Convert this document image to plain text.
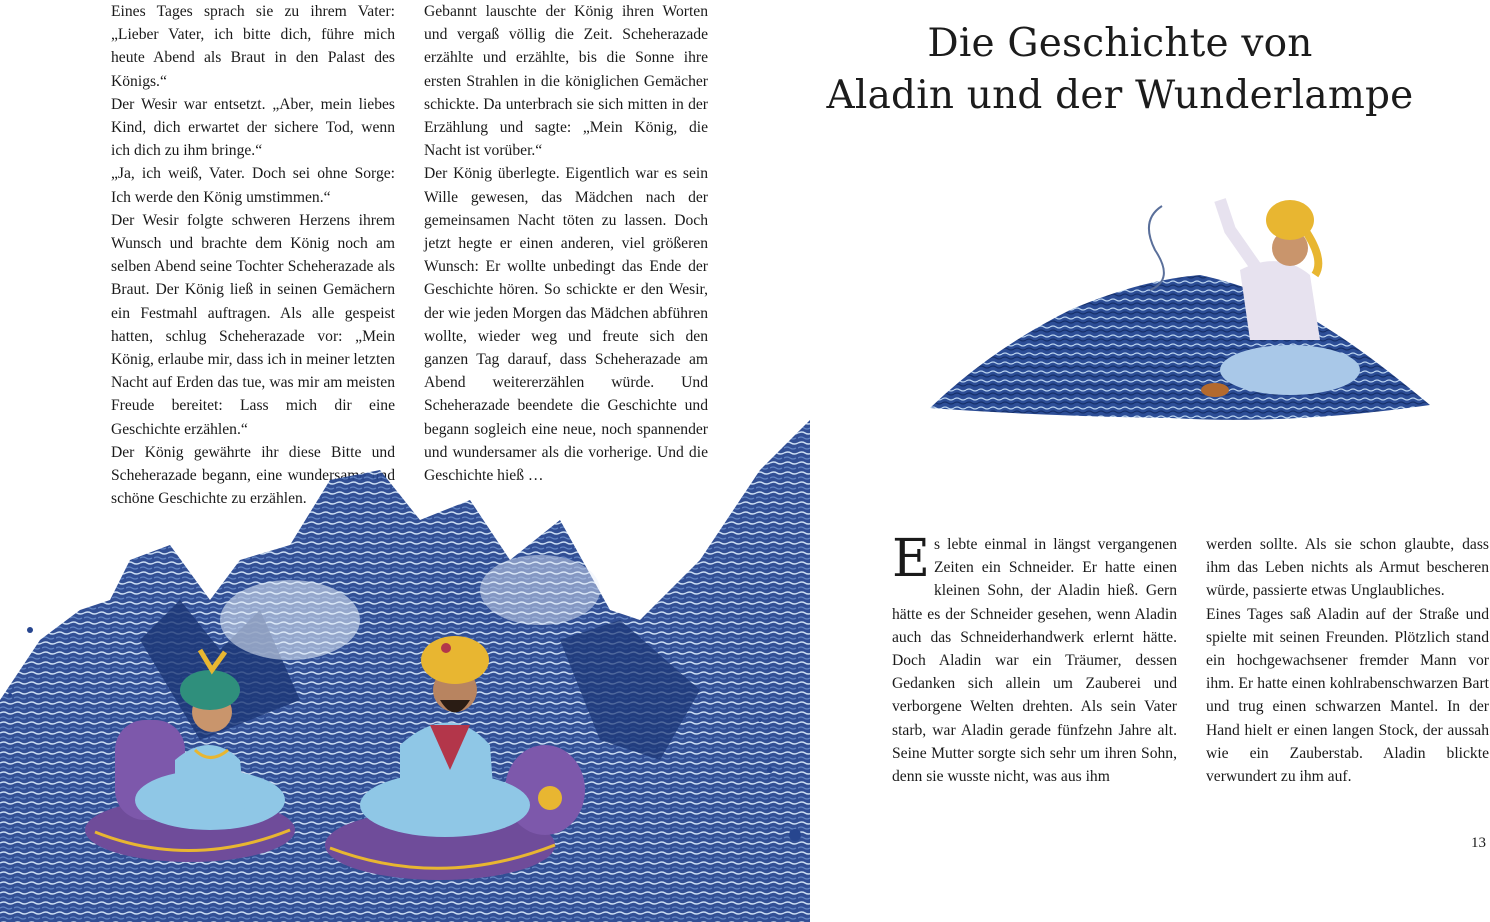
Eines Tages sprach sie zu ihrem Vater: „Lieber Vater, ich bitte dich, führe mich heute Abend als Braut in den Palast des Königs.“

Der Wesir war entsetzt. „Aber, mein liebes Kind, dich erwartet der sichere Tod, wenn ich dich zu ihm bringe.“

„Ja, ich weiß, Vater. Doch sei ohne Sorge: Ich werde den König umstimmen.“

Der Wesir folgte schweren Herzens ihrem Wunsch und brachte dem König noch am selben Abend seine Tochter Scheherazade als Braut. Der König ließ in seinen Gemächern ein Festmahl auftragen. Als alle gespeist hatten, schlug Scheherazade vor: „Mein König, erlaube mir, dass ich in meiner letzten Nacht auf Erden das tue, was mir am meisten Freude bereitet: Lass mich dir eine Geschichte erzählen.“

Der König gewährte ihr diese Bitte und Scheherazade begann, eine wundersame und schöne Geschichte zu erzählen.

Gebannt lauschte der König ihren Worten und vergaß völlig die Zeit. Scheherazade erzählte und erzählte, bis die Sonne ihre ersten Strahlen in die königlichen Gemächer schickte. Da unterbrach sie sich mitten in der Erzählung und sagte: „Mein König, die Nacht ist vorüber.“

Der König überlegte. Eigentlich war es sein Wille gewesen, das Mädchen nach der gemeinsamen Nacht töten zu lassen. Doch jetzt hegte er einen anderen, viel größeren Wunsch: Er wollte unbedingt das Ende der Geschichte hören. So schickte er den Wesir, der wie jeden Morgen das Mädchen abführen wollte, wieder weg und freute sich den ganzen Tag darauf, dass Scheherazade am Abend weitererzählen würde. Und Scheherazade beendete die Geschichte und begann sogleich eine neue, noch spannender und wundersamer als die vorherige. Und die Geschichte hieß …

Die Geschichte von
Aladin und der Wunderlampe

Es lebte einmal in längst vergangenen Zeiten ein Schneider. Er hatte einen kleinen Sohn, der Aladin hieß. Gern hätte es der Schneider gesehen, wenn Aladin auch das Schneiderhandwerk erlernt hätte. Doch Aladin war ein Träumer, dessen Gedanken sich allein um Zauberei und verborgene Welten drehten. Als sein Vater starb, war Aladin gerade fünfzehn Jahre alt. Seine Mutter sorgte sich sehr um ihren Sohn, denn sie wusste nicht, was aus ihm

werden sollte. Als sie schon glaubte, dass ihm das Leben nichts als Armut bescheren würde, passierte etwas Unglaubliches.

Eines Tages saß Aladin auf der Straße und spielte mit seinen Freunden. Plötzlich stand ein hochgewachsener fremder Mann vor ihm. Er hatte einen kohlrabenschwarzen Bart und trug einen schwarzen Mantel. In der Hand hielt er einen langen Stock, der aussah wie ein Zauberstab. Aladin blickte verwundert zu ihm auf.

13
